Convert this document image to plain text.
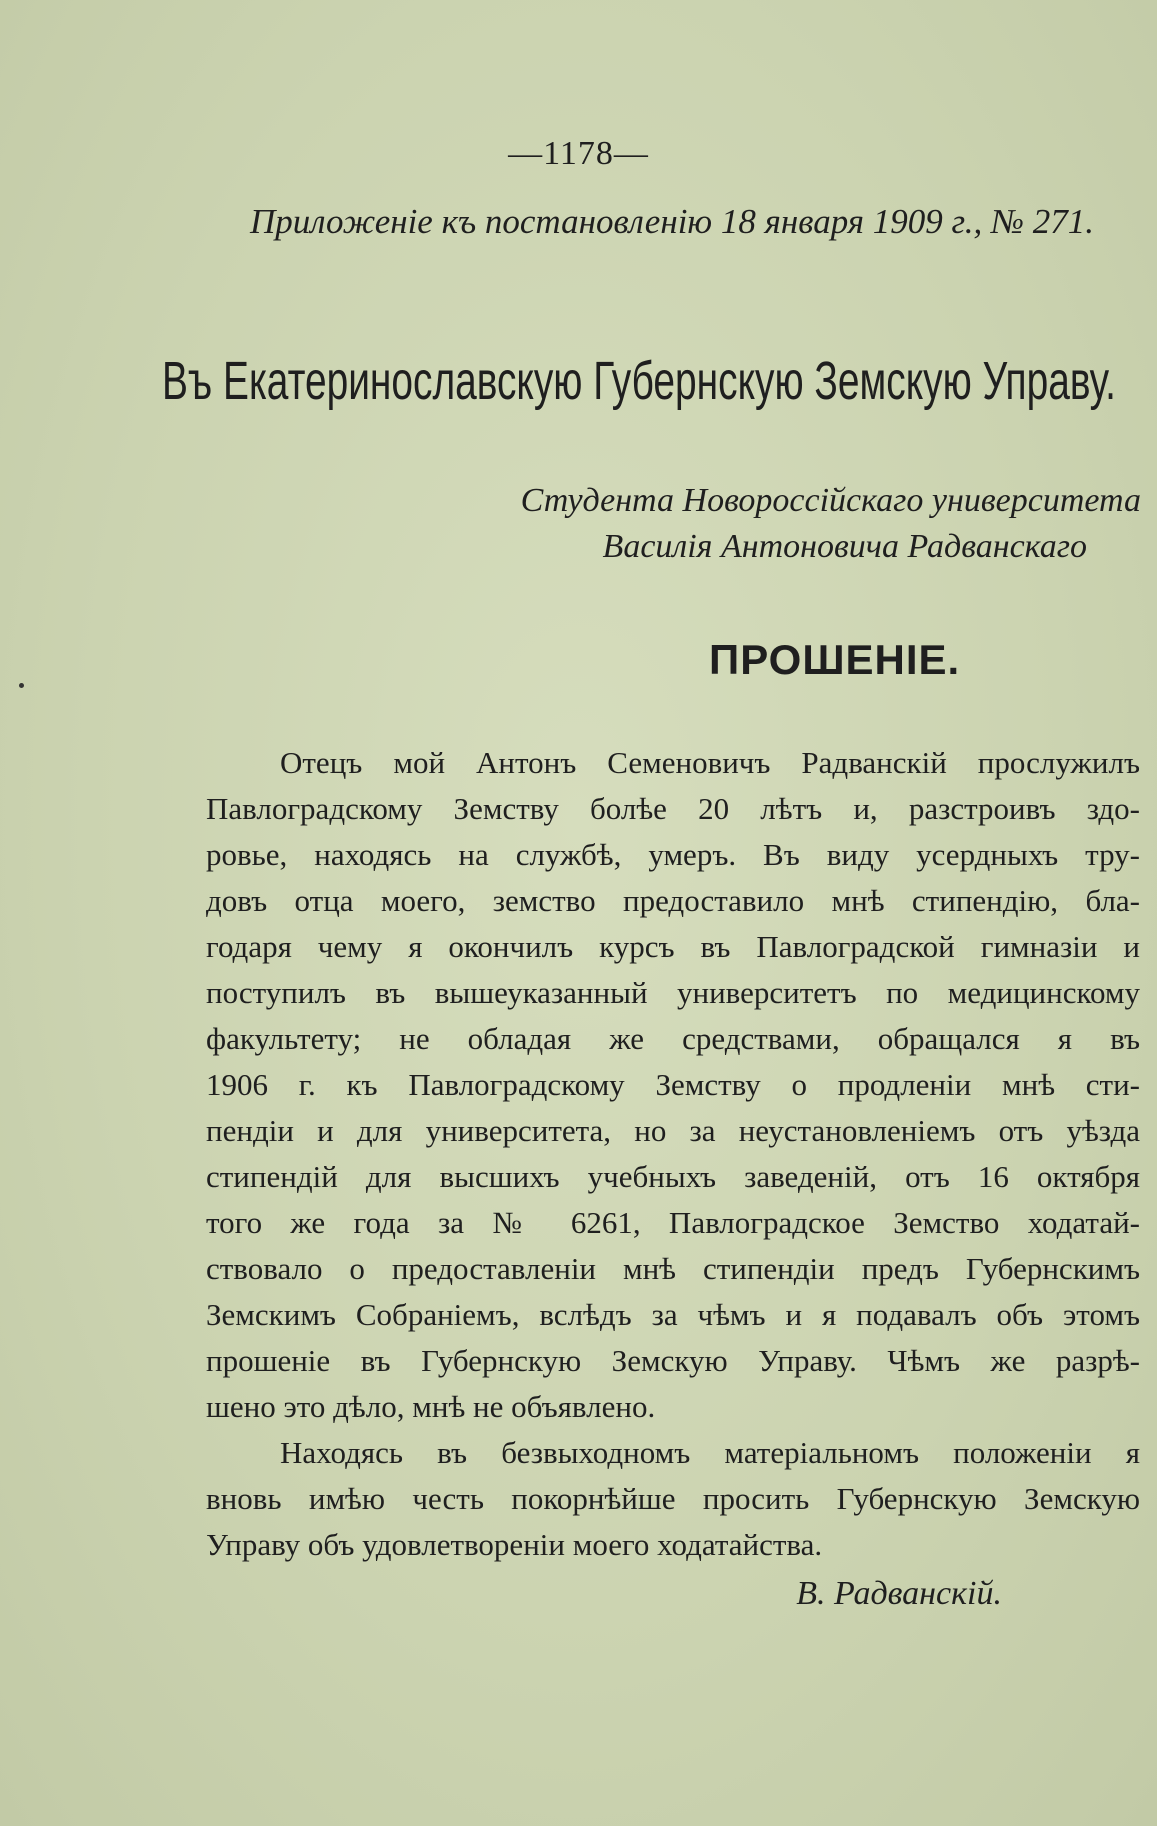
—1178—
Приложенiе къ постановленiю 18 января 1909 г., № 271.
Въ Екатеринославскую Губернскую Земскую Управу.
Студента Новороссiйскаго университета
Василiя Антоновича Радванскаго
ПРОШЕНІЕ.
Отецъ мой Антонъ Семеновичъ Радванскiй прослужилъ
Павлоградскому Земству болѣе 20 лѣтъ и, разстроивъ здо-
ровье, находясь на службѣ, умеръ. Въ виду усердныхъ тру-
довъ отца моего, земство предоставило мнѣ стипендiю, бла-
годаря чему я окончилъ курсъ въ Павлоградской гимназiи и
поступилъ въ вышеуказанный университетъ по медицинскому
факультету; не обладая же средствами, обращался я въ
1906 г. къ Павлоградскому Земству о продленiи мнѣ сти-
пендiи и для университета, но за неустановленiемъ отъ уѣзда
стипендiй для высшихъ учебныхъ заведенiй, отъ 16 октября
того же года за № 6261, Павлоградское Земство ходатай-
ствовало о предоставленiи мнѣ стипендiи предъ Губернскимъ
Земскимъ Собранiемъ, вслѣдъ за чѣмъ и я подавалъ объ этомъ
прошенiе въ Губернскую Земскую Управу. Чѣмъ же разрѣ-
шено это дѣло, мнѣ не объявлено.
Находясь въ безвыходномъ матерiальномъ положенiи я
вновь имѣю честь покорнѣйше просить Губернскую Земскую
Управу объ удовлетворенiи моего ходатайства.
В. Радванскiй.
